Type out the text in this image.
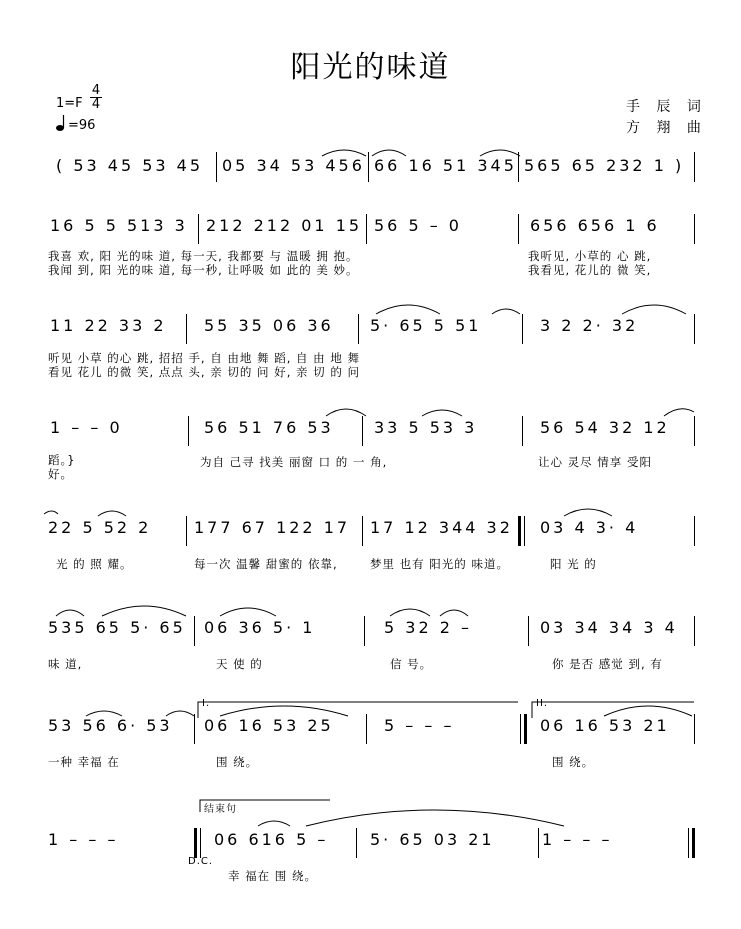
阳光的味道
$1=F \frac{4}{4}$
=96
手 辰 词
方 翔 曲
( 53 45 53 45 05 34 53 456 66 16 51 345 565 65 232 1 )
16 5 5 513 3 212 212 01 15 56 5 – 0	656 656 1 6
我喜 欢, 阳 光的味 道, 每一天, 我都要 与 温暖 拥 抱。	我听见, 小草的 心 跳,
我闻 到, 阳 光的味 道, 每一秒, 让呼吸 如 此的 美 妙。	我看见, 花儿的 微 笑,
11 22 33 2 55 35 06 36 5· 65 5 51	3 2 2· 32
听见 小草 的心 跳, 招招 手, 自 由地 舞 蹈, 自 由 地 舞
看见 花儿 的微 笑, 点点 头, 亲 切的 问 好, 亲 切 的 问
1 – – 0	56 51 76 53	33 5 53 3	56 54 32 12
蹈。}	为自 己寻 找美 丽窗 口 的 一 角,	让心 灵尽 情享 受阳
好。
22 5 52 2	177 67 122 17 17 12 344 32 03 4 3· 4
光 的 照 耀。	每一次 温馨 甜蜜的 依靠,	梦里 也有 阳光的 味道。	阳 光 的
535 65 5· 65 06 36 5· 1	5 32 2 –	03 34 34 3 4
味 道,	天 使 的	信 号。	你 是否 感觉 到, 有
I.	II.
53 56 6· 53 06 16 53 25	5 – – –	06 16 53 21
一种 幸福 在	围 绕。	围 绕。
结束句
1 – – –	06 616 5 –	5· 65 03 21	1 – – –
D.C.
幸 福在 围 绕。
